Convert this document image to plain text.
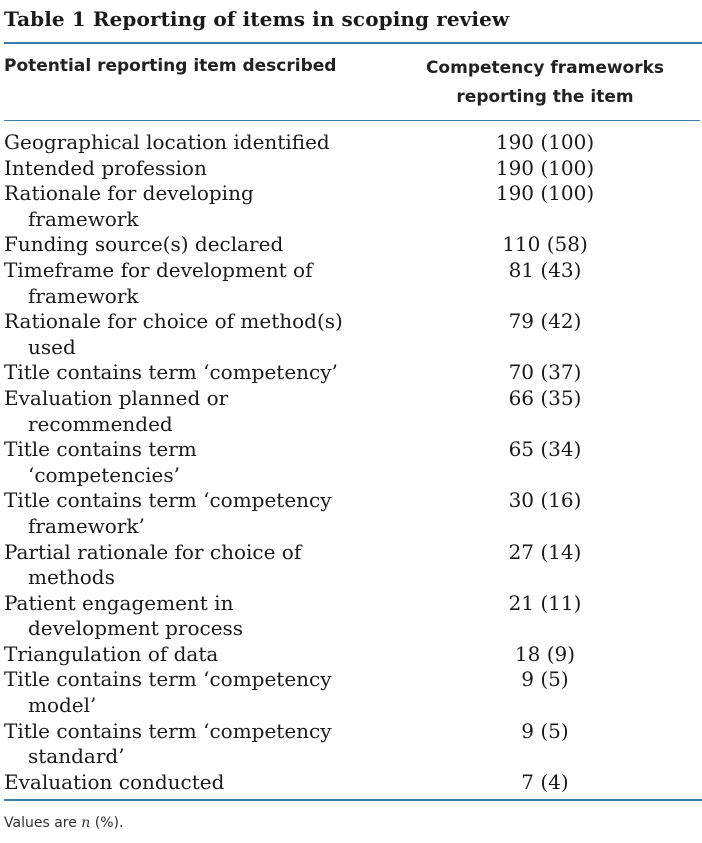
Table 1 Reporting of items in scoping review
Potential reporting item described	Competency frameworks
reporting the item

Geographical location identified	190 (100)

Intended profession	190 (100)

Rationale for developing
framework	190 (100)

Funding source(s) declared	110 (58)

Timeframe for development of
framework	81 (43)

Rationale for choice of method(s)
used	79 (42)

Title contains term ‘competency’	70 (37)

Evaluation planned or
recommended	66 (35)

Title contains term
‘competencies’	65 (34)

Title contains term ‘competency
framework’	30 (16)

Partial rationale for choice of
methods	27 (14)

Patient engagement in
development process	21 (11)

Triangulation of data	18 (9)

Title contains term ‘competency
model’	9 (5)

Title contains term ‘competency
standard’	9 (5)

Evaluation conducted	7 (4)
Values are n (%).
